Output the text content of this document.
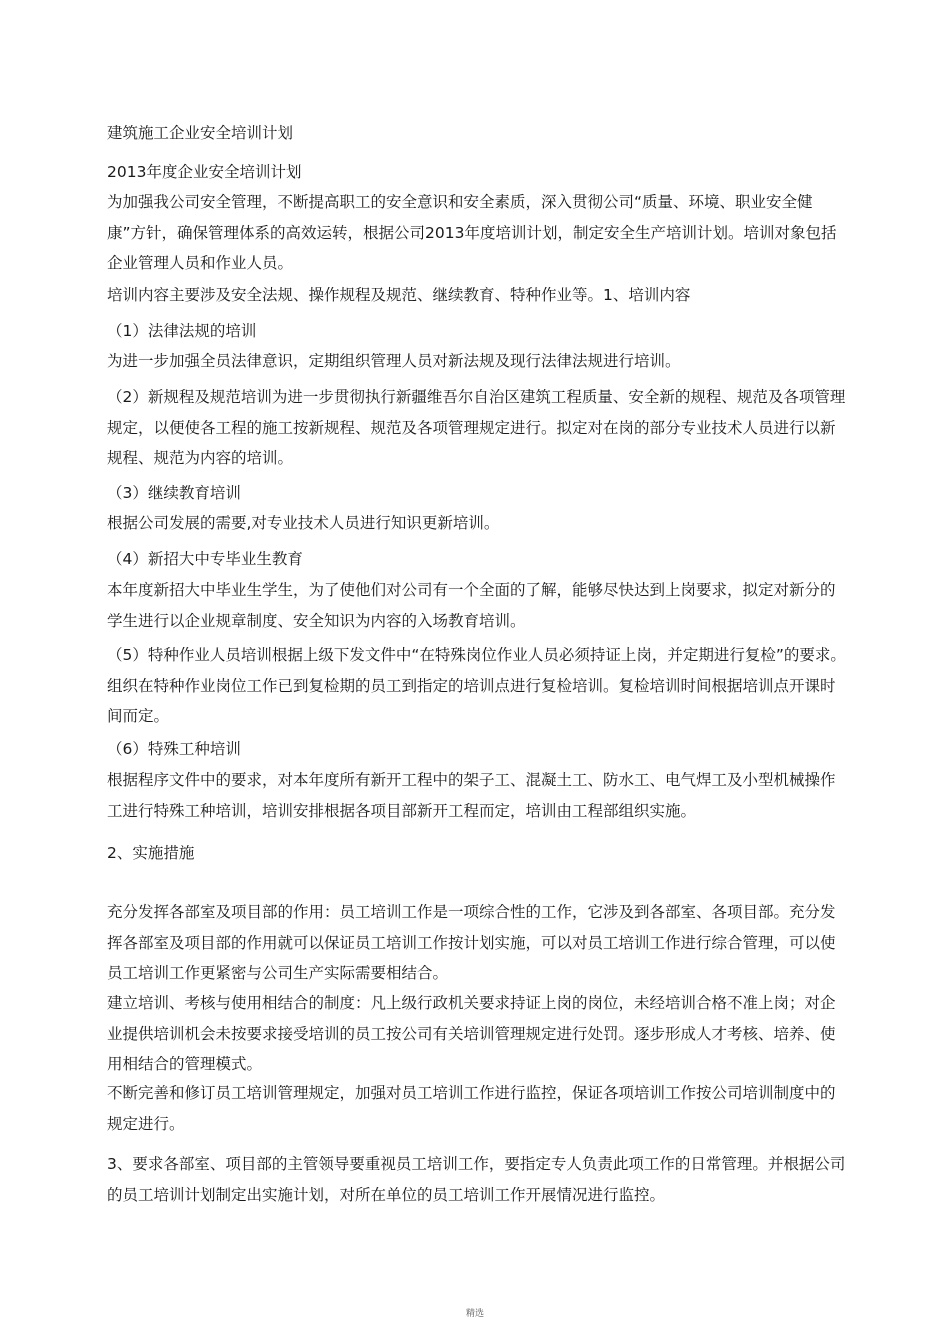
建筑施工企业安全培训计划

2013年度企业安全培训计划

为加强我公司安全管理，不断提高职工的安全意识和安全素质，深入贯彻公司“质量、环境、职业安全健康”方针，确保管理体系的高效运转，根据公司2013年度培训计划，制定安全生产培训计划。培训对象包括企业管理人员和作业人员。

培训内容主要涉及安全法规、操作规程及规范、继续教育、特种作业等。1、培训内容

（1）法律法规的培训

为进一步加强全员法律意识，定期组织管理人员对新法规及现行法律法规进行培训。

（2）新规程及规范培训为进一步贯彻执行新疆维吾尔自治区建筑工程质量、安全新的规程、规范及各项管理规定，以便使各工程的施工按新规程、规范及各项管理规定进行。拟定对在岗的部分专业技术人员进行以新规程、规范为内容的培训。

（3）继续教育培训

根据公司发展的需要,对专业技术人员进行知识更新培训。

（4）新招大中专毕业生教育

本年度新招大中毕业生学生，为了使他们对公司有一个全面的了解，能够尽快达到上岗要求，拟定对新分的学生进行以企业规章制度、安全知识为内容的入场教育培训。

（5）特种作业人员培训根据上级下发文件中“在特殊岗位作业人员必须持证上岗，并定期进行复检”的要求。组织在特种作业岗位工作已到复检期的员工到指定的培训点进行复检培训。复检培训时间根据培训点开课时间而定。

（6）特殊工种培训

根据程序文件中的要求，对本年度所有新开工程中的架子工、混凝土工、防水工、电气焊工及小型机械操作工进行特殊工种培训，培训安排根据各项目部新开工程而定，培训由工程部组织实施。

2、实施措施

充分发挥各部室及项目部的作用：员工培训工作是一项综合性的工作，它涉及到各部室、各项目部。充分发挥各部室及项目部的作用就可以保证员工培训工作按计划实施，可以对员工培训工作进行综合管理，可以使员工培训工作更紧密与公司生产实际需要相结合。

建立培训、考核与使用相结合的制度：凡上级行政机关要求持证上岗的岗位，未经培训合格不准上岗；对企业提供培训机会未按要求接受培训的员工按公司有关培训管理规定进行处罚。逐步形成人才考核、培养、使用相结合的管理模式。

不断完善和修订员工培训管理规定，加强对员工培训工作进行监控，保证各项培训工作按公司培训制度中的规定进行。

3、要求各部室、项目部的主管领导要重视员工培训工作，要指定专人负责此项工作的日常管理。并根据公司的员工培训计划制定出实施计划，对所在单位的员工培训工作开展情况进行监控。

精选
